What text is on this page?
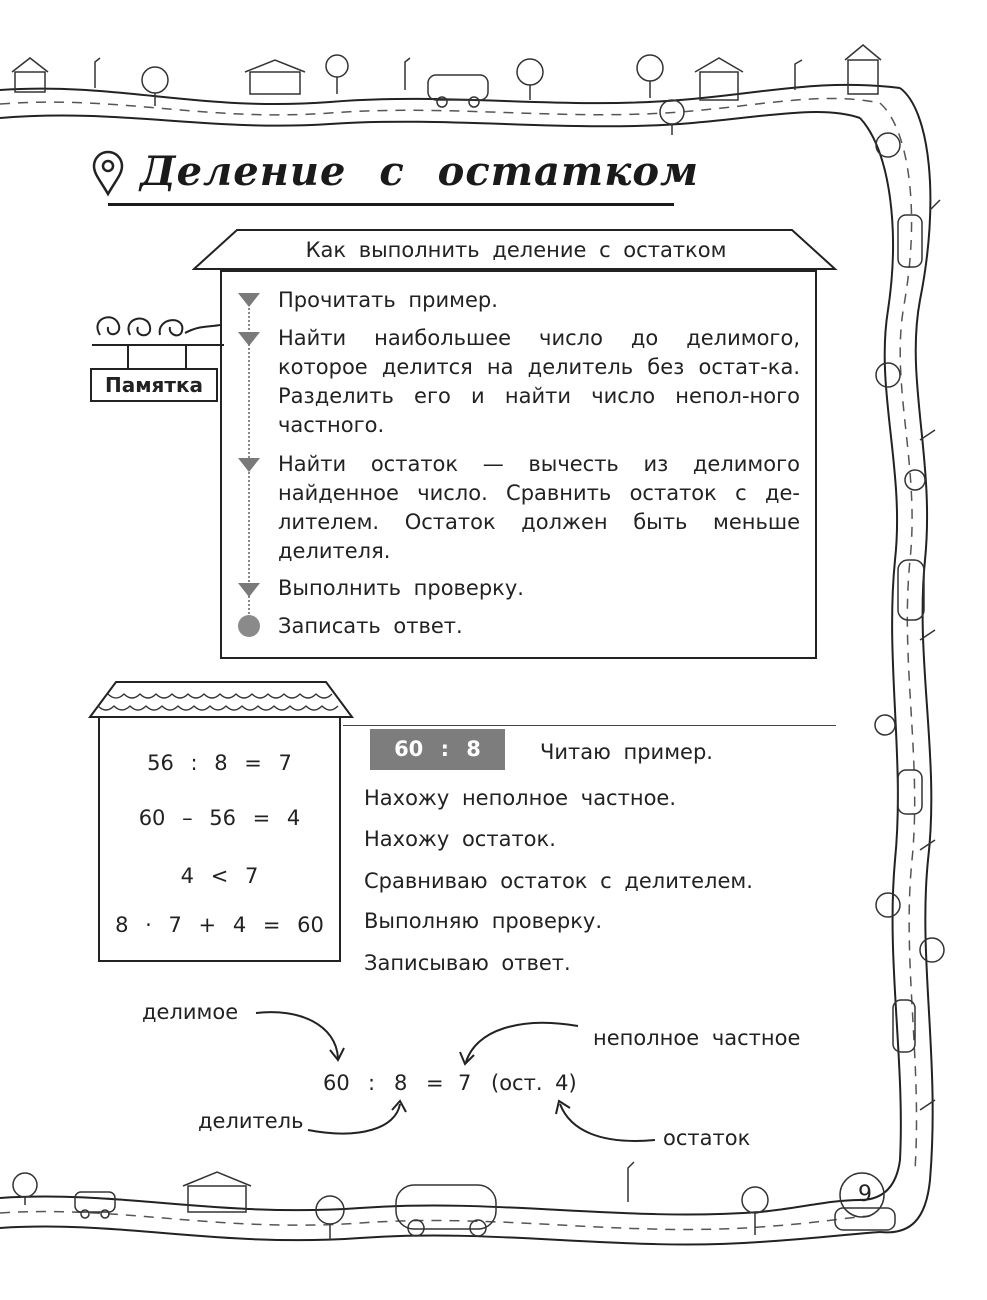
Деление с остатком
Как выполнить деление с остатком
Памятка
Прочитать пример.
Найти наибольшее число до делимого, которое делится на делитель без остат-ка. Разделить его и найти число непол-ного частного.
Найти остаток — вычесть из делимого найденное число. Сравнить остаток с де-лителем. Остаток должен быть меньше делителя.
Выполнить проверку.
Записать ответ.
56 : 8 = 7
60 – 56 = 4
4 < 7
8 · 7 + 4 = 60
60 : 8	Читаю пример.
Нахожу неполное частное.
Нахожу остаток.
Сравниваю остаток с делителем.
Выполняю проверку.
Записываю ответ.
делимое
неполное частное
делитель
остаток
60 : 8 = 7 (ост. 4)
9
